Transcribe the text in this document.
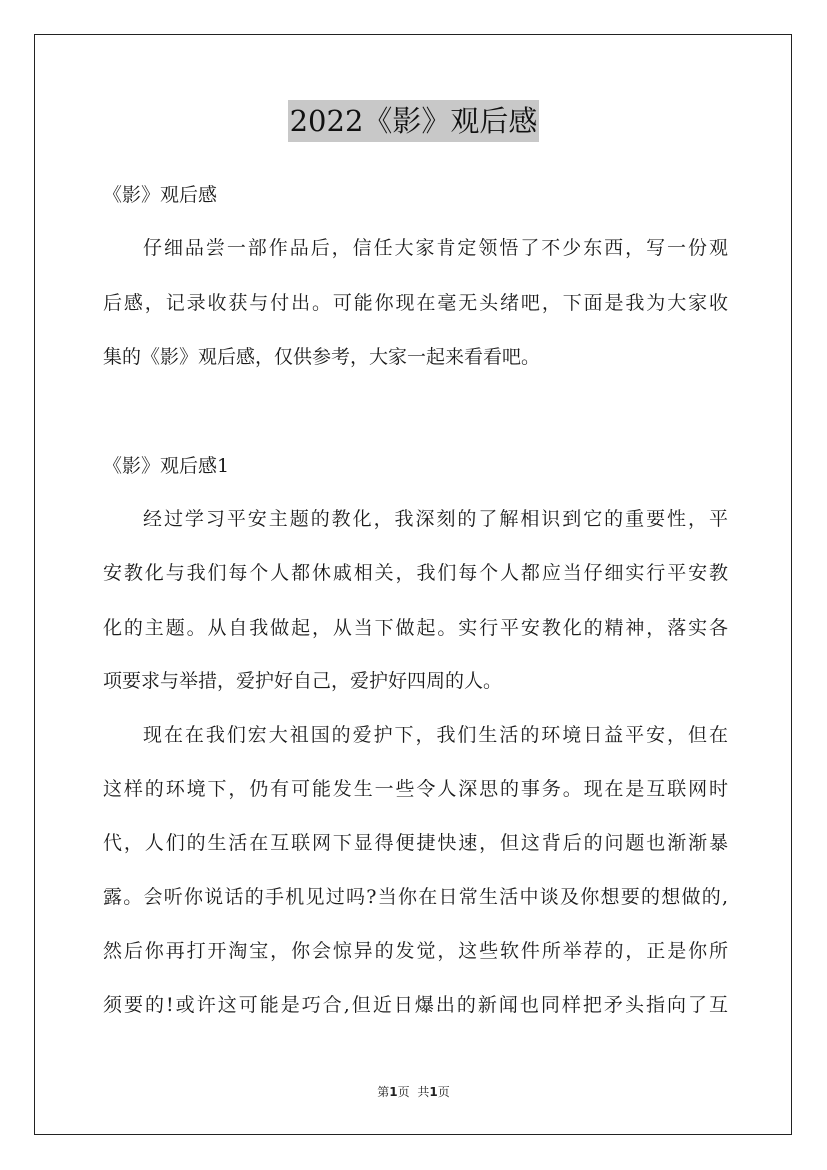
2022《影》观后感
《影》观后感
仔细品尝一部作品后，信任大家肯定领悟了不少东西，写一份观
后感，记录收获与付出。可能你现在毫无头绪吧，下面是我为大家收
集的《影》观后感，仅供参考，大家一起来看看吧。
《影》观后感1
经过学习平安主题的教化，我深刻的了解相识到它的重要性，平
安教化与我们每个人都休戚相关，我们每个人都应当仔细实行平安教
化的主题。从自我做起，从当下做起。实行平安教化的精神，落实各
项要求与举措，爱护好自己，爱护好四周的人。
现在在我们宏大祖国的爱护下，我们生活的环境日益平安，但在
这样的环境下，仍有可能发生一些令人深思的事务。现在是互联网时
代，人们的生活在互联网下显得便捷快速，但这背后的问题也渐渐暴
露。会听你说话的手机见过吗?当你在日常生活中谈及你想要的想做的,
然后你再打开淘宝，你会惊异的发觉，这些软件所举荐的，正是你所
须要的!或许这可能是巧合,但近日爆出的新闻也同样把矛头指向了互
第1页 共1页
